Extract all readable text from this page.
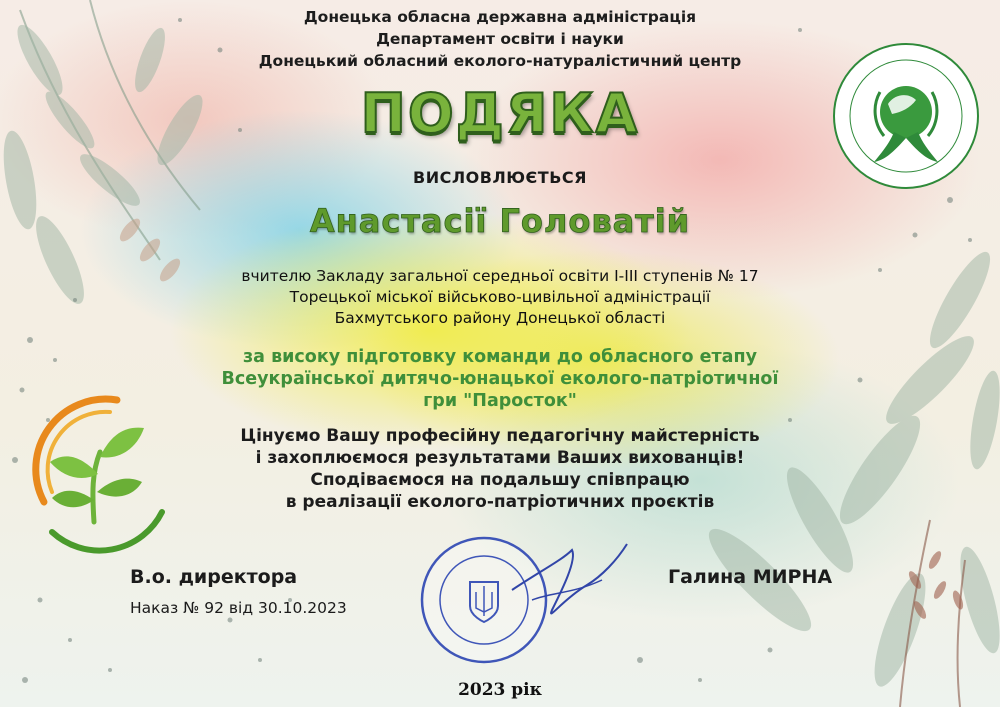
Донецька обласна державна адміністрація

Департамент освіти і науки

Донецький обласний еколого-натуралістичний центр

ПОДЯКА

ВИСЛОВЛЮЄТЬСЯ

Анастасії Головатій

вчителю Закладу загальної середньої освіти І-ІІІ ступенів № 17

Торецької міської військово-цивільної адміністрації

Бахмутського району Донецької області

за високу підготовку команди до обласного етапу

Всеукраїнської дитячо-юнацької еколого-патріотичної

гри "Паросток"

Цінуємо Вашу професійну педагогічну майстерність

і захоплюємося результатами Ваших вихованців!

Сподіваємося на подальшу співпрацю

в реалізації еколого-патріотичних проєктів

В.о. директора

Наказ № 92 від 30.10.2023

Галина МИРНА

2023 рік
